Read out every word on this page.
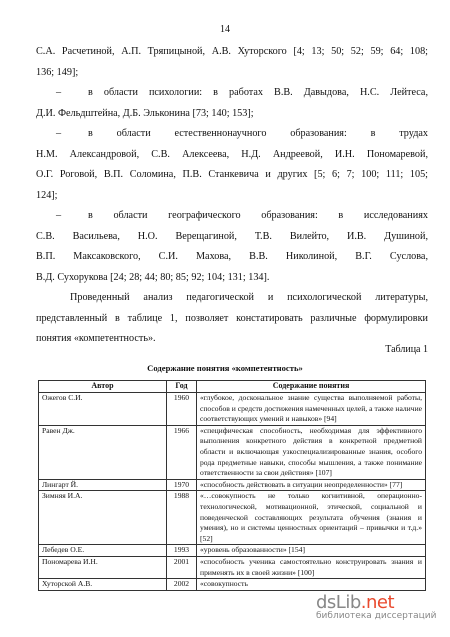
14
С.А. Расчетиной, А.П. Тряпицыной, А.В. Хуторского [4; 13; 50; 52; 59; 64; 108;
136; 149];
–	в области психологии: в работах В.В. Давыдова, Н.С. Лейтеса,
Д.И. Фельдштейна, Д.Б. Эльконина [73; 140; 153];
–	в области естественнонаучного образования: в трудах
Н.М. Александровой, С.В. Алексеева, Н.Д. Андреевой, И.Н. Пономаревой,
О.Г. Роговой, В.П. Соломина, П.В. Станкевича и других [5; 6; 7; 100; 111; 105;
124];
–	в области географического образования: в исследованиях
С.В. Васильева, Н.О. Верещагиной, Т.В. Вилейто, И.В. Душиной,
В.П. Максаковского, С.И. Махова, В.В. Николиной, В.Г. Суслова,
В.Д. Сухорукова [24; 28; 44; 80; 85; 92; 104; 131; 134].
Проведенный анализ педагогической и психологической литературы,
представленный в таблице 1, позволяет констатировать различные формулировки
понятия «компетентность».
Таблица 1
Содержание понятия «компетентность»
Автор	Год	Содержание понятия
Ожегов С.И.	1960	«глубокое, доскональное знание существа выполняемой работы, способов и средств достижения намеченных целей, а также наличие соответствующих умений и навыков» [94]
Равен Дж.	1966	«специфическая способность, необходимая для эффективного выполнения конкретного действия в конкретной предметной области и включающая узкоспециализированные знания, особого рода предметные навыки, способы мышления, а также понимание ответственности за свои действия» [107]
Лингарт Й.	1970	«способность действовать в ситуации неопределенности» [77]
Зимняя И.А.	1988	«…совокупность не только когнитивной, операционно-технологической, мотивационной, этической, социальной и поведенческой составляющих результата обучения (знания и умения), но и системы ценностных ориентаций – привычки и т.д.» [52]
Лебедев О.Е.	1993	«уровень образованности» [154]
Пономарева И.Н.	2001	«способность ученика самостоятельно конструировать знания и применять их в своей жизни» [100]
Хуторской А.В.	2002	«совокупность
dsLib.net
библиотека диссертаций
